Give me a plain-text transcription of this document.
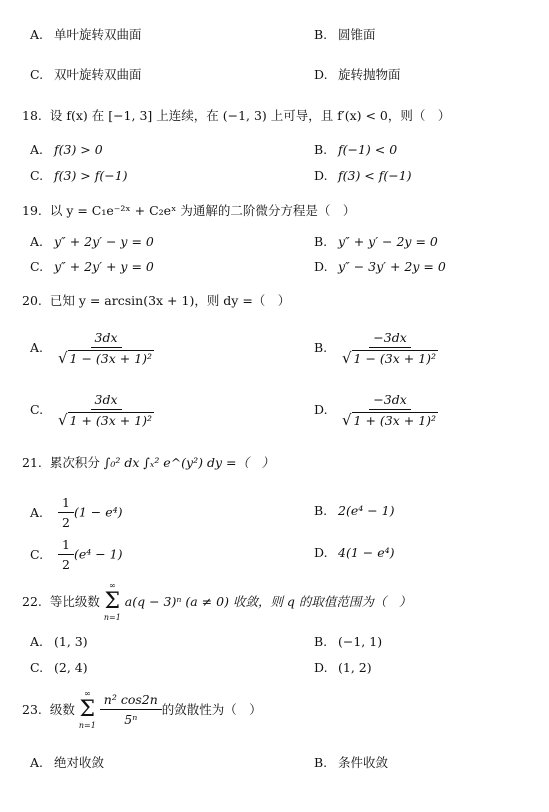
A. 单叶旋转双曲面	B. 圆锥面
C. 双叶旋转双曲面	D. 旋转抛物面
18. 设 f(x) 在 [−1, 3] 上连续，在 (−1, 3) 上可导，且 f′(x) < 0，则（　）
A. f(3) > 0	B. f(−1) < 0
C. f(3) > f(−1)	D. f(3) < f(−1)
19. 以 y = C₁e⁻²ˣ + C₂eˣ 为通解的二阶微分方程是（　）
A. y″ + 2y′ − y = 0	B. y″ + y′ − 2y = 0
C. y″ + 2y′ + y = 0	D. y″ − 3y′ + 2y = 0
20. 已知 y = arcsin(3x + 1)，则 dy =（　）
A. $\frac{3dx}{\text{√ 1 − (3x + 1)²}}$	B. $\frac{-3dx}{\text{√ 1 − (3x + 1)²}}$
C. $\frac{3dx}{\text{√ 1 + (3x + 1)²}}$	D. $\frac{-3dx}{\text{√ 1 + (3x + 1)²}}$
21. 累次积分 ∫₀² dx ∫ₓ² e^(y²) dy =（　）
A. $\frac{1}{2} (1 - e^4)$	B. 2(e⁴ − 1)
C. $\frac{1}{2} (e^4 - 1)$	D. 4(1 − e⁴)
22.
等比级数

∞
Σ
n=1

a(q − 3)ⁿ (a ≠ 0) 收敛，则 q 的取值范围为（　）
A. (1, 3)	B. (−1, 1)
C. (2, 4)	D. (1, 2)
23.
级数

∞
Σ
n=1
$\frac{\text{n² cos2n}}{\text{5ⁿ}}$ 的敛散性为（　）
A. 绝对收敛	B. 条件收敛
